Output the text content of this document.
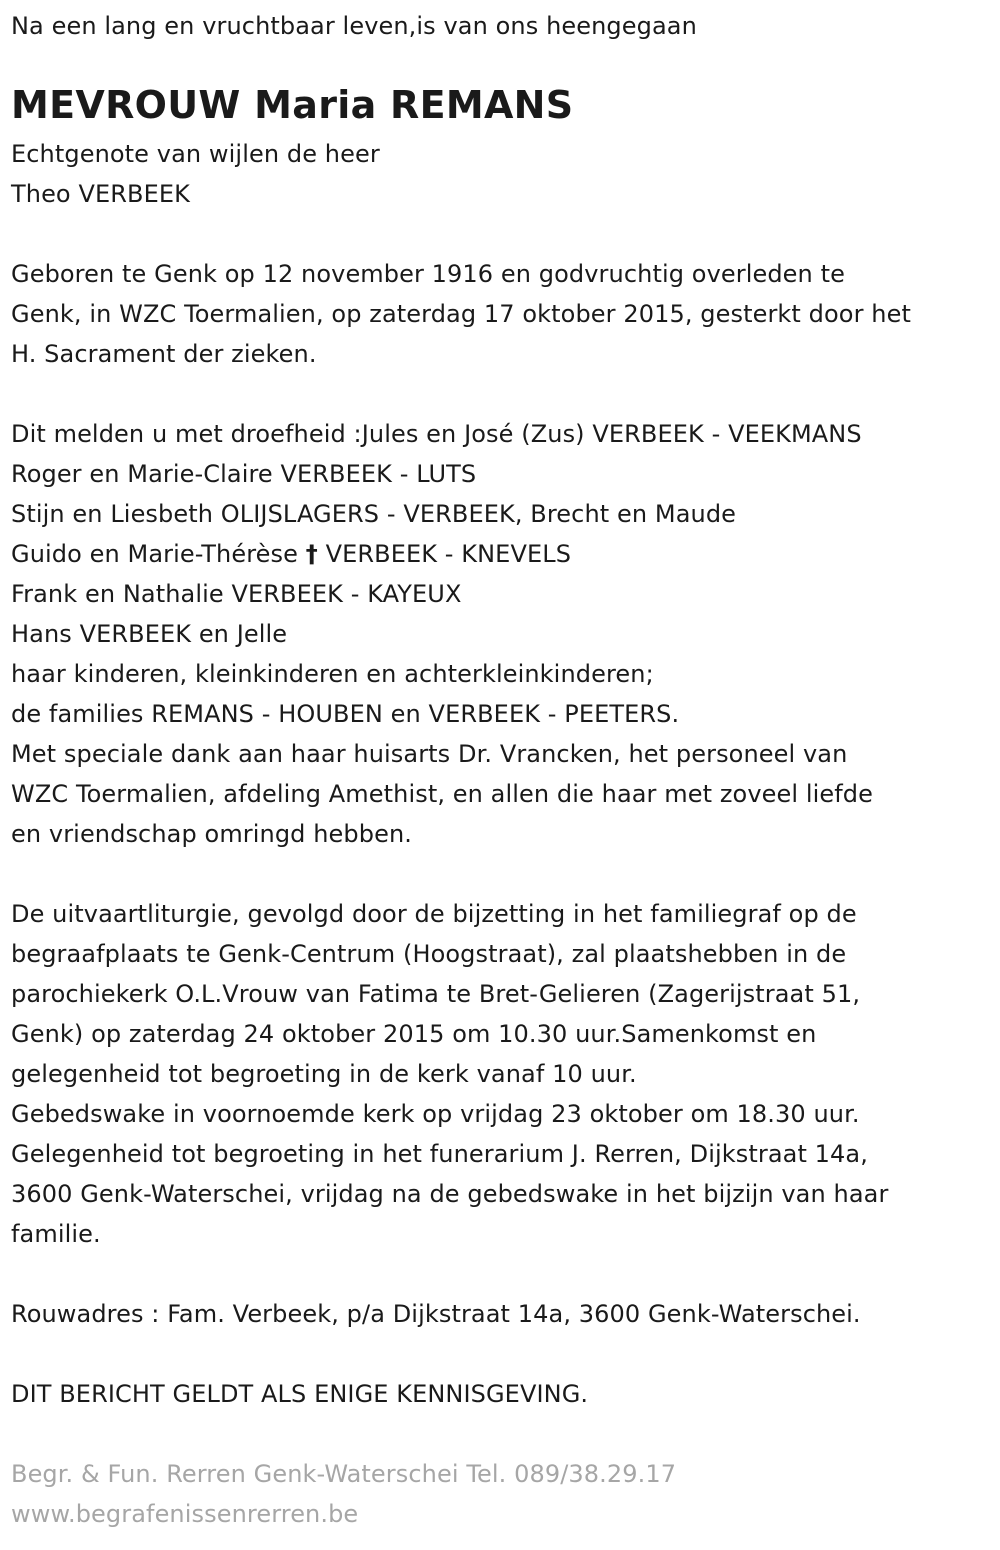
Na een lang en vruchtbaar leven,is van ons heengegaan
MEVROUW Maria REMANS
Echtgenote van wijlen de heer
Theo VERBEEK
Geboren te Genk op 12 november 1916 en godvruchtig overleden te
Genk, in WZC Toermalien, op zaterdag 17 oktober 2015, gesterkt door het
H. Sacrament der zieken.
Dit melden u met droefheid :Jules en José (Zus) VERBEEK - VEEKMANS
Roger en Marie-Claire VERBEEK - LUTS
Stijn en Liesbeth OLIJSLAGERS - VERBEEK, Brecht en Maude
Guido en Marie-Thérèse † VERBEEK - KNEVELS
Frank en Nathalie VERBEEK - KAYEUX
Hans VERBEEK en Jelle
haar kinderen, kleinkinderen en achterkleinkinderen;
de families REMANS - HOUBEN en VERBEEK - PEETERS.
Met speciale dank aan haar huisarts Dr. Vrancken, het personeel van
WZC Toermalien, afdeling Amethist, en allen die haar met zoveel liefde
en vriendschap omringd hebben.
De uitvaartliturgie, gevolgd door de bijzetting in het familiegraf op de
begraafplaats te Genk-Centrum (Hoogstraat), zal plaatshebben in de
parochiekerk O.L.Vrouw van Fatima te Bret-Gelieren (Zagerijstraat 51,
Genk) op zaterdag 24 oktober 2015 om 10.30 uur.Samenkomst en
gelegenheid tot begroeting in de kerk vanaf 10 uur.
Gebedswake in voornoemde kerk op vrijdag 23 oktober om 18.30 uur.
Gelegenheid tot begroeting in het funerarium J. Rerren, Dijkstraat 14a,
3600 Genk-Waterschei, vrijdag na de gebedswake in het bijzijn van haar
familie.
Rouwadres : Fam. Verbeek, p/a Dijkstraat 14a, 3600 Genk-Waterschei.
DIT BERICHT GELDT ALS ENIGE KENNISGEVING.
Begr. & Fun. Rerren Genk-Waterschei Tel. 089/38.29.17
www.begrafenissenrerren.be
